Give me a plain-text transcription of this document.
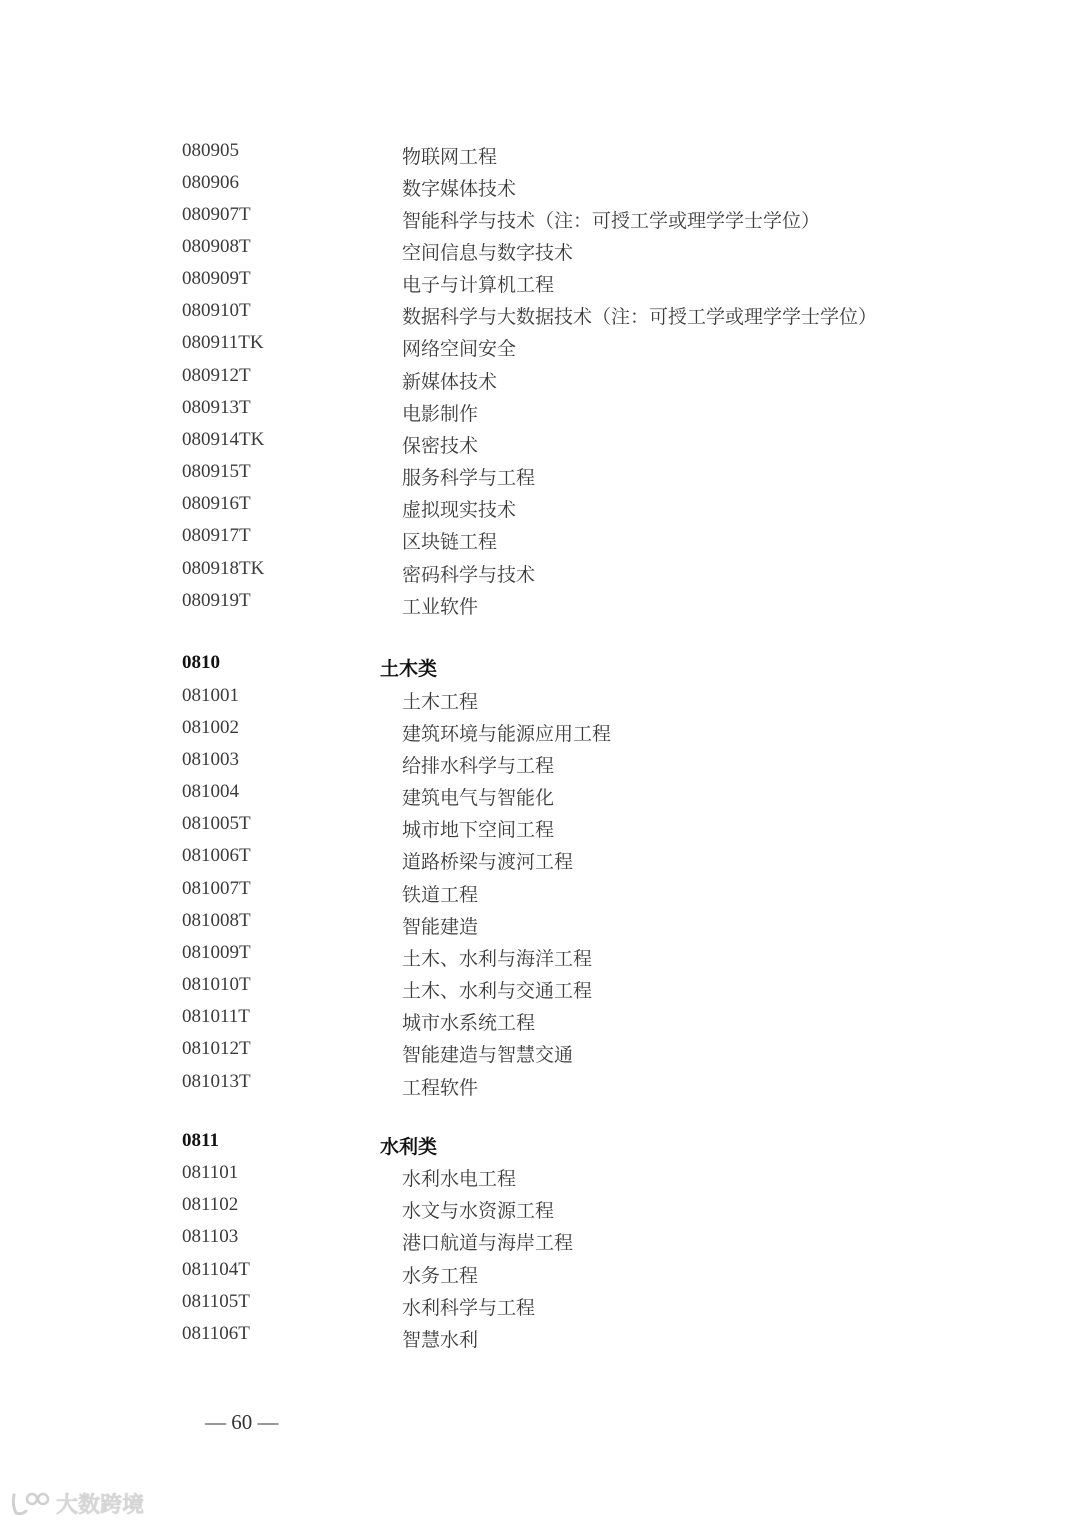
080905	物联网工程
080906	数字媒体技术
080907T	智能科学与技术（注：可授工学或理学学士学位）
080908T	空间信息与数字技术
080909T	电子与计算机工程
080910T	数据科学与大数据技术（注：可授工学或理学学士学位）
080911TK	网络空间安全
080912T	新媒体技术
080913T	电影制作
080914TK	保密技术
080915T	服务科学与工程
080916T	虚拟现实技术
080917T	区块链工程
080918TK	密码科学与技术
080919T	工业软件
0810	土木类
081001	土木工程
081002	建筑环境与能源应用工程
081003	给排水科学与工程
081004	建筑电气与智能化
081005T	城市地下空间工程
081006T	道路桥梁与渡河工程
081007T	铁道工程
081008T	智能建造
081009T	土木、水利与海洋工程
081010T	土木、水利与交通工程
081011T	城市水系统工程
081012T	智能建造与智慧交通
081013T	工程软件
0811	水利类
081101	水利水电工程
081102	水文与水资源工程
081103	港口航道与海岸工程
081104T	水务工程
081105T	水利科学与工程
081106T	智慧水利
— 60 —
大数跨境
